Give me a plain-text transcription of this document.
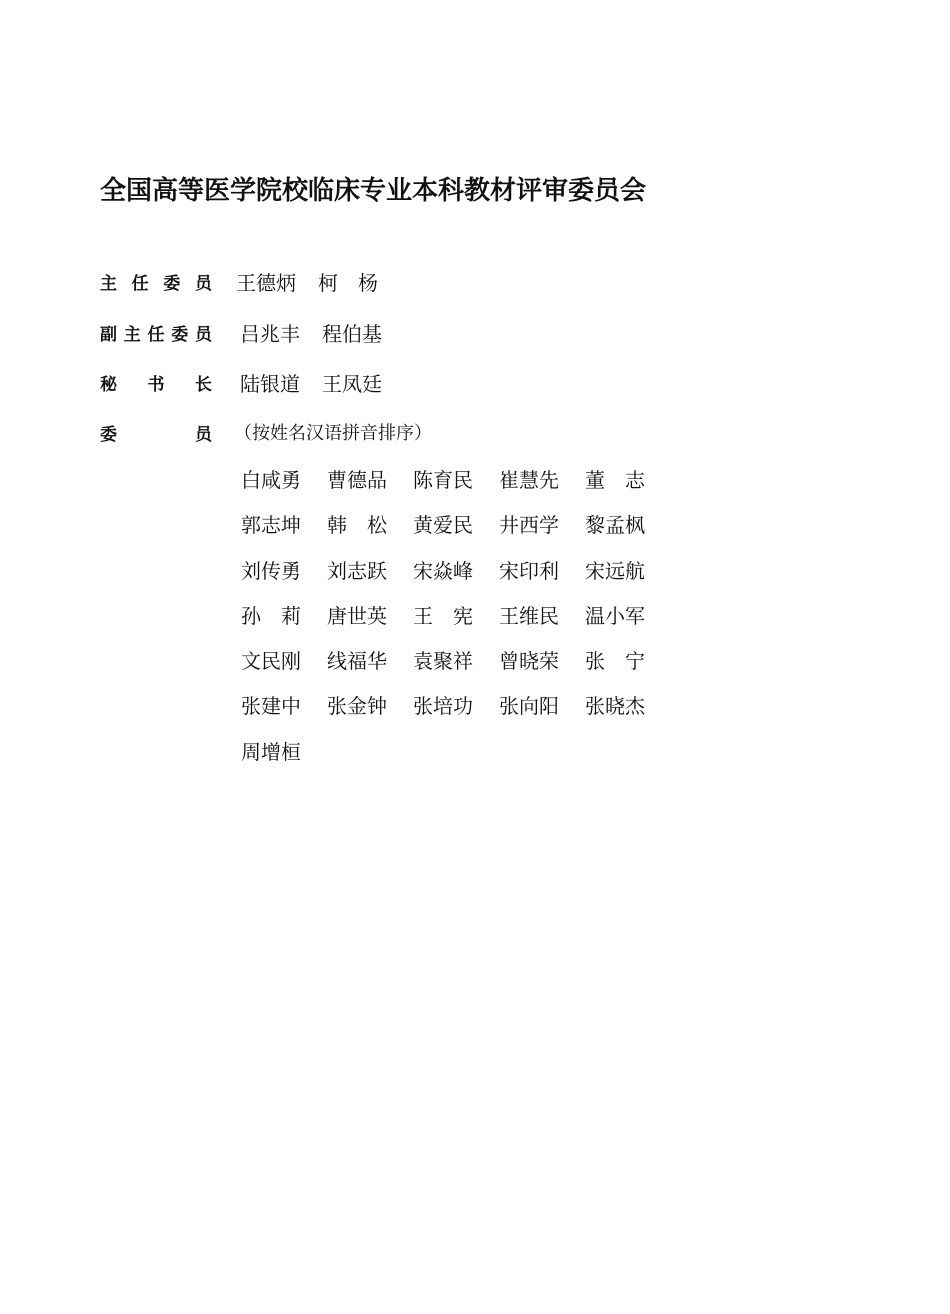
全国高等医学院校临床专业本科教材评审委员会
主 任 委 员 王德炳 柯　杨
副 主 任 委 员 吕兆丰 程伯基
秘 书 长 陆银道 王凤廷
委	员 （按姓名汉语拼音排序）
白咸勇	曹德品	陈育民	崔慧先	董　志
郭志坤	韩　松	黄爱民	井西学	黎孟枫
刘传勇	刘志跃	宋焱峰	宋印利	宋远航
孙　莉	唐世英	王　宪	王维民	温小军
文民刚	线福华	袁聚祥	曾晓荣	张　宁
张建中	张金钟	张培功	张向阳	张晓杰
周增桓
